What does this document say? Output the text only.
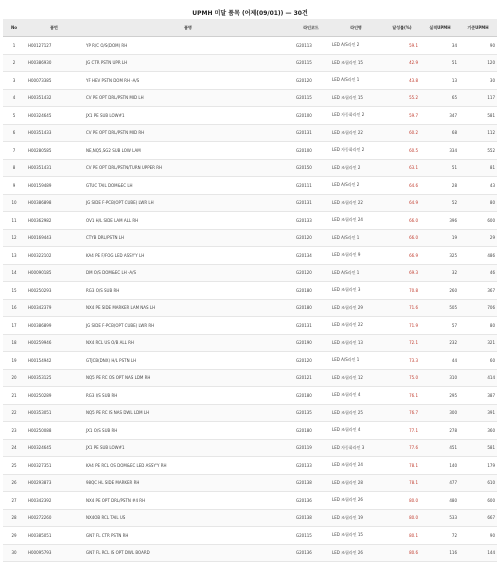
UPMH 미달 품목 (어제(09/01)) — 30건
No	품번	품명	라인코드	라인명	달성률(%)	실적UPMH	기준UPMH
1	H00127127	YP R/C O/S(DOM) RH	G20113	LED A/S라인 2	59.1	34	90
2	H00386930	JG CTR PSTN UPR LH	G20115	LED 조립라인 15	42.9	51	120
3	H00073385	YF HEV PSTN DOM RH -A/S	G20120	LED A/S라인 1	43.8	13	30
4	H00351432	CV PE OPT DRL/PSTN MID LH	G20115	LED 조립라인 15	55.2	65	117
5	H00324645	JX1 PE SUB LOW#1	G20100	LED 자동화라인 2	59.7	347	581
6	H00351433	CV PE OPT DRL/PSTN MID RH	G20131	LED 조립라인 22	60.2	68	112
7	H00280585	NE,NQ5,SG2 SUB LOW LAM	G20100	LED 자동화라인 2	60.5	334	552
8	H00351431	CV PE OPT DRL/PSTN/TURN UPPER RH	G20150	LED 조립라인 2	63.1	51	81
9	H00159489	GTUC TAIL DOM&EC LH	G20111	LED A/S라인 2	64.6	28	43
10	H00386898	JG SIDE F-PCB(OPT CUBE) LWR LH	G20131	LED 조립라인 22	64.9	52	80
11	H00362982	OV1 H/L SIDE LAM ALL RH	G20133	LED 조립라인 24	66.0	396	600
12	H00169443	CTYB DRL/PSTN LH	G20120	LED A/S라인 1	66.0	19	29
13	H00322102	KA4 PE F/FOG LED ASSY'Y LH	G20134	LED 조립라인 9	66.9	325	486
14	H00090185	DM O/S DOM&EC LH -A/S	G20120	LED A/S라인 1	69.3	32	46
15	H00250293	RG3 O/S SUB RH	G20180	LED 조립라인 3	70.8	260	367
16	H00342379	NX4 PE SIDE MARKER LAM NAS LH	G20180	LED 조립라인 29	71.6	505	706
17	H00386899	JG SIDE F-PCB(OPT CUBE) LWR RH	G20131	LED 조립라인 22	71.9	57	80
18	H00259946	NX4 RCL US O/B ALL RH	G20190	LED 조립라인 13	72.1	232	321
19	H00154942	GTJCB(DNX) H/L PSTN LH	G20120	LED A/S라인 1	73.3	44	60
20	H00353125	NQ5 PE RC OS OPT NAS LDM RH	G20121	LED 조립라인 12	75.0	310	414
21	H00250289	RG3 I/S SUB RH	G20180	LED 조립라인 4	76.1	295	387
22	H00353051	NQ5 PE RC IS NAS DWL LDM LH	G20135	LED 조립라인 25	76.7	300	391
23	H00250088	JX1 O/S SUB RH	G20180	LED 조립라인 4	77.1	278	360
24	H00324645	JX1 PE SUB LOW#1	G20119	LED 자동화라인 3	77.6	451	581
25	H00327351	KA4 PE RCL OS DOM&EC LED ASSY'Y RH	G20133	LED 조립라인 24	78.1	140	179
26	H00293873	98QC HL SIDE MARKER RH	G20138	LED 조립라인 28	78.1	477	610
27	H00342392	NX4 PE OPT DRL/PSTN #4 RH	G20136	LED 조립라인 26	80.0	480	600
28	H00272260	NX4OB RCL TAIL US	G20138	LED 조립라인 19	80.0	533	667
29	H00385051	GN7 FL CTR PSTN RH	G20115	LED 조립라인 15	80.1	72	90
30	H00095793	GN7 FL RCL IS OPT DWL BOARD	G20136	LED 조립라인 26	80.6	116	144
